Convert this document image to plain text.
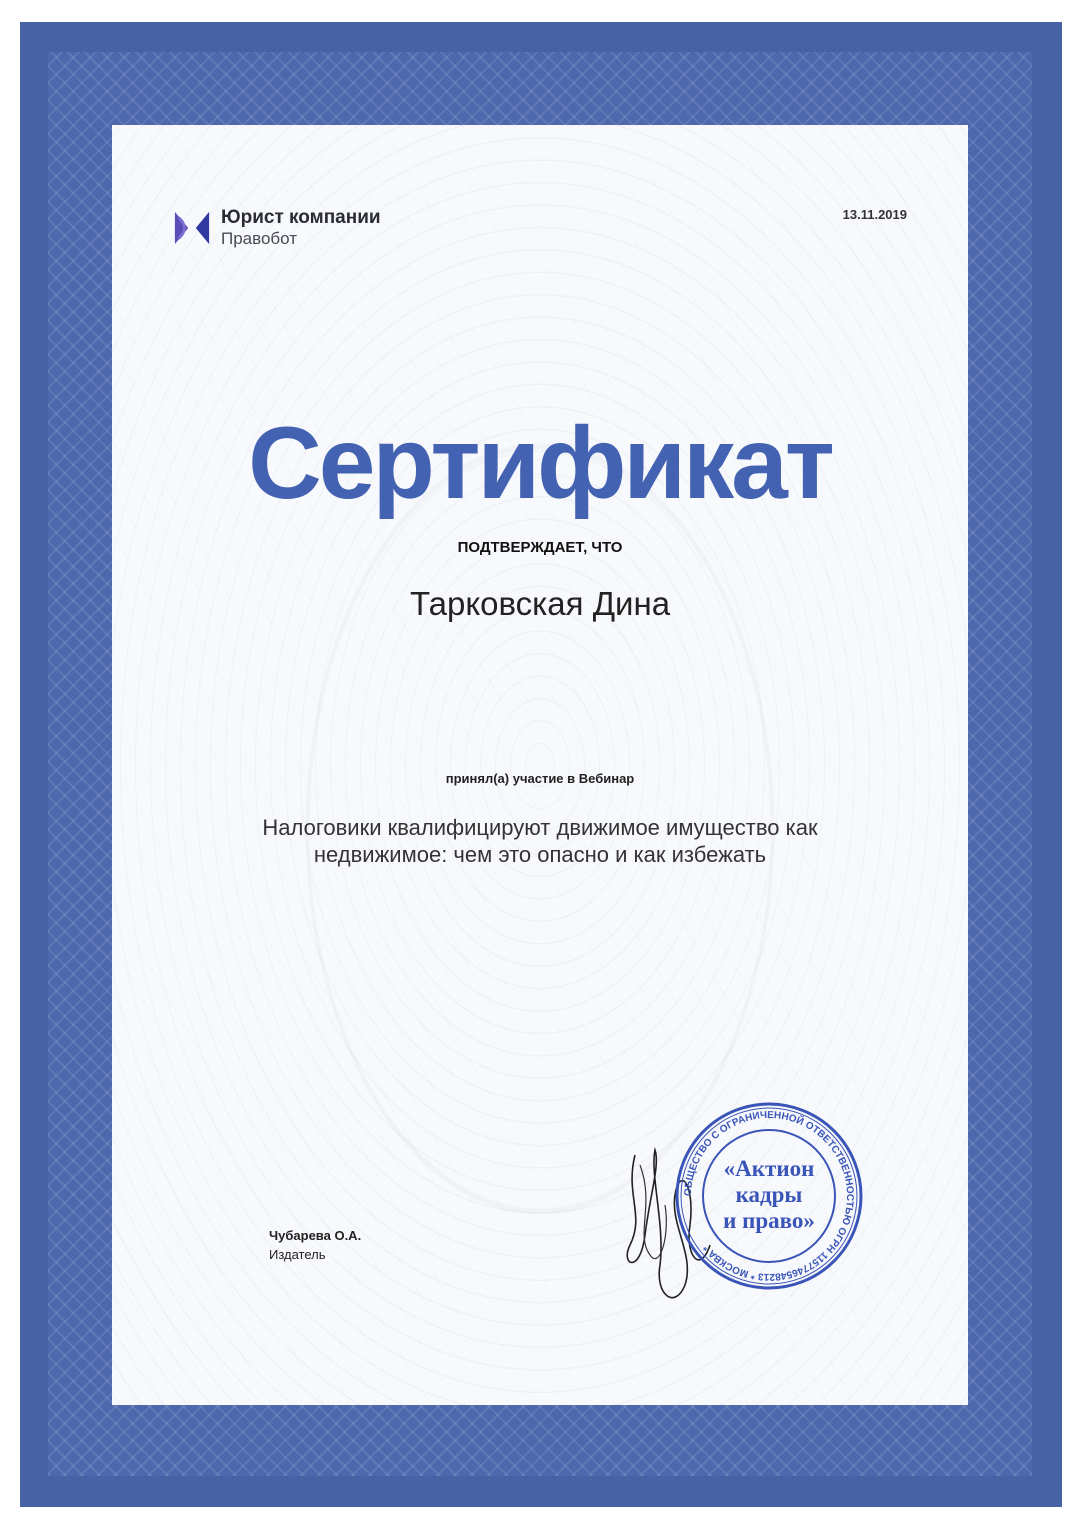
Юрист компании
Правобот
13.11.2019
Сертификат
ПОДТВЕРЖДАЕТ, ЧТО
Тарковская Дина
принял(а) участие в Вебинар
Налоговики квалифицируют движимое имущество как
недвижимое: чем это опасно и как избежать
Чубарева О.А.
Издатель
ОБЩЕСТВО С ОГРАНИЧЕННОЙ ОТВЕТСТВЕННОСТЬЮ ОГРН 1157746548213 * МОСКВА *
«Актион
кадры
и право»
